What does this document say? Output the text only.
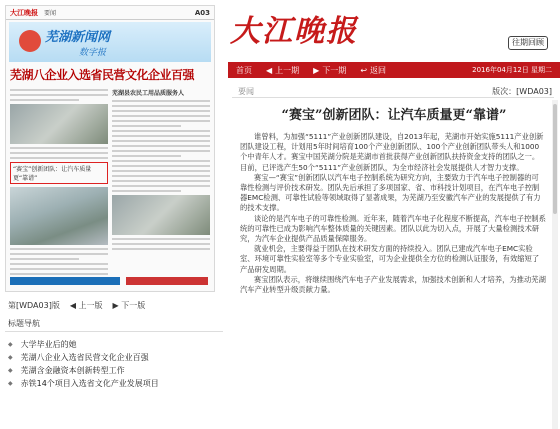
大江晚报 要闻	A03
芜湖新闻网
数字报
芜湖八企业入选省民营文化企业百强
“赛宝”创新团队：让汽车质量更“靠谱”
芜湖县农民工用品质服务人
第[WDA03]版 ◀ 上一版 ▶ 下一版
标题导航
◆ 大学毕业后的她
◆ 芜湖八企业入选省民营文化企业百强
◆ 芜湖含金融资本创新转型工作
◆ 赤铁14个项目入选省文化产业发展项目
大江晚报	往期回顾
首页 ◀ 上一期 ▶ 下一期 ↩ 返回	2016年04月12日 星期二
要闻	版次：[WDA03]
“赛宝”创新团队：让汽车质量更“靠谱”

谁曾料，为加强“5111”产业创新团队建设，自2013年起，芜湖市开始实施5111产业创新团队建设工程，计划用5年时间培育100个产业创新团队、100个产业创新团队带头人和1000个中青年人才。赛宝中国芜湖分院是芜湖市首批获得产业创新团队扶持资金支持的团队之一。目前，已评选产生50个“5111”产业创新团队，为全市经济社会发展提供人才智力支撑。

赛宝—“赛宝”创新团队以汽车电子控制系统为研究方向，主要致力于汽车电子控制器的可靠性检测与评价技术研发。团队先后承担了多项国家、省、市科技计划项目，在汽车电子控制器EMC检测、可靠性试验等领域取得了显著成果，为芜湖乃至安徽汽车产业的发展提供了有力的技术支撑。

谈论的是汽车电子的可靠性检测。近年来，随着汽车电子化程度不断提高，汽车电子控制系统的可靠性已成为影响汽车整体质量的关键因素。团队以此为切入点，开展了大量检测技术研究，为汽车企业提供产品质量保障服务。

就业机会，主要得益于团队在技术研发方面的持续投入。团队已建成汽车电子EMC实验室、环境可靠性实验室等多个专业实验室，可为企业提供全方位的检测认证服务，有效缩短了产品研发周期。

赛宝团队表示，将继续围绕汽车电子产业发展需求，加强技术创新和人才培养，为推动芜湖汽车产业转型升级贡献力量。
